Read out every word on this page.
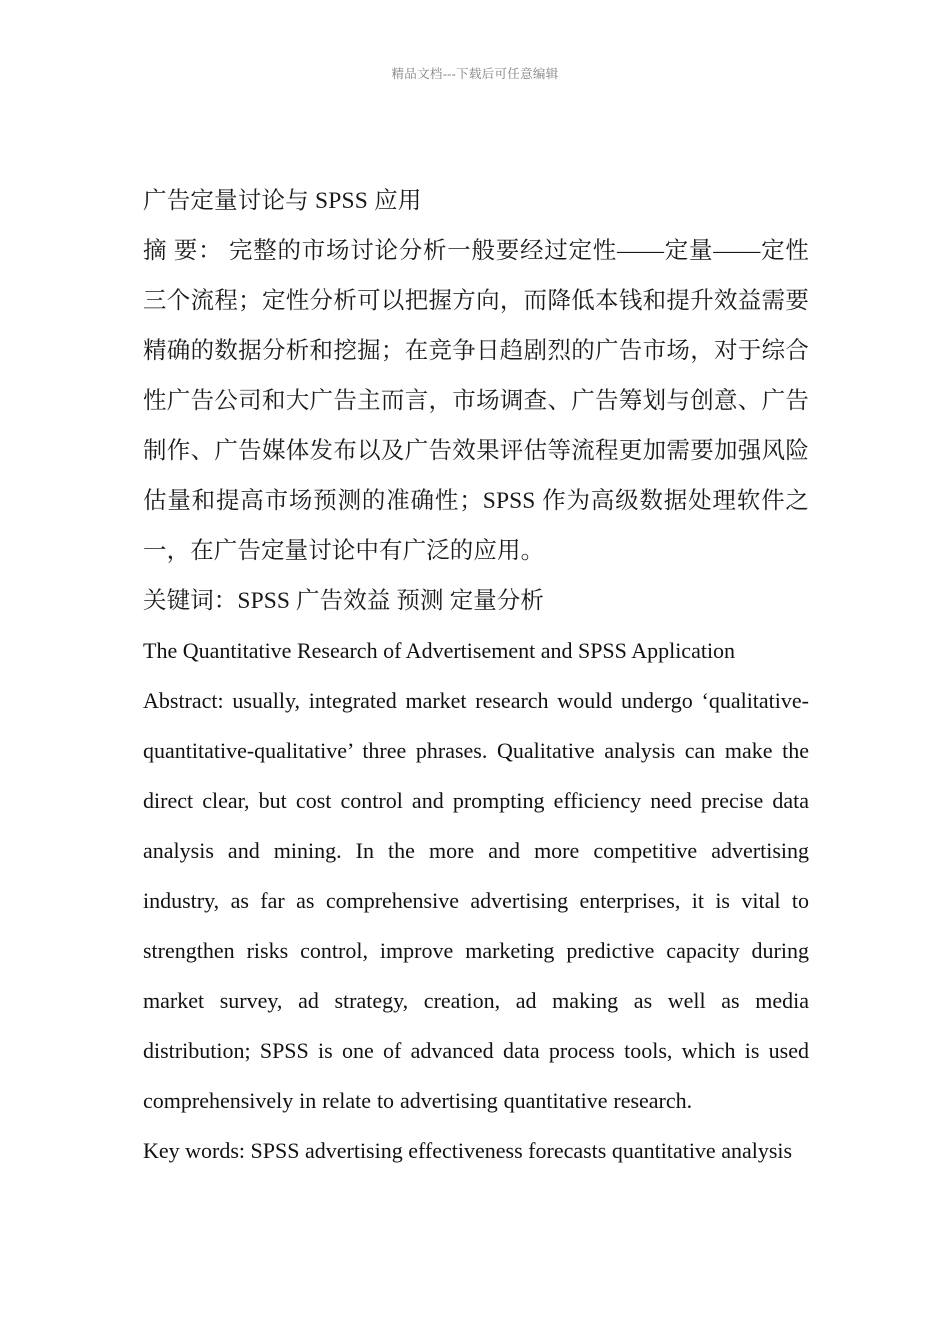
精品文档---下载后可任意编辑
广告定量讨论与 SPSS 应用
摘 要： 完整的市场讨论分析一般要经过定性——定量——定性三个流程；定性分析可以把握方向，而降低本钱和提升效益需要精确的数据分析和挖掘；在竞争日趋剧烈的广告市场，对于综合性广告公司和大广告主而言，市场调查、广告筹划与创意、广告制作、广告媒体发布以及广告效果评估等流程更加需要加强风险估量和提高市场预测的准确性；SPSS 作为高级数据处理软件之一，在广告定量讨论中有广泛的应用。
关键词：SPSS 广告效益 预测 定量分析
The Quantitative Research of Advertisement and SPSS Application
Abstract: usually, integrated market research would undergo ‘qualitative-quantitative-qualitative’ three phrases. Qualitative analysis can make the direct clear, but cost control and prompting efficiency need precise data analysis and mining. In the more and more competitive advertising industry, as far as comprehensive advertising enterprises, it is vital to strengthen risks control, improve marketing predictive capacity during market survey, ad strategy, creation, ad making as well as media distribution; SPSS is one of advanced data process tools, which is used comprehensively in relate to advertising quantitative research.
Key words: SPSS advertising effectiveness forecasts quantitative analysis
